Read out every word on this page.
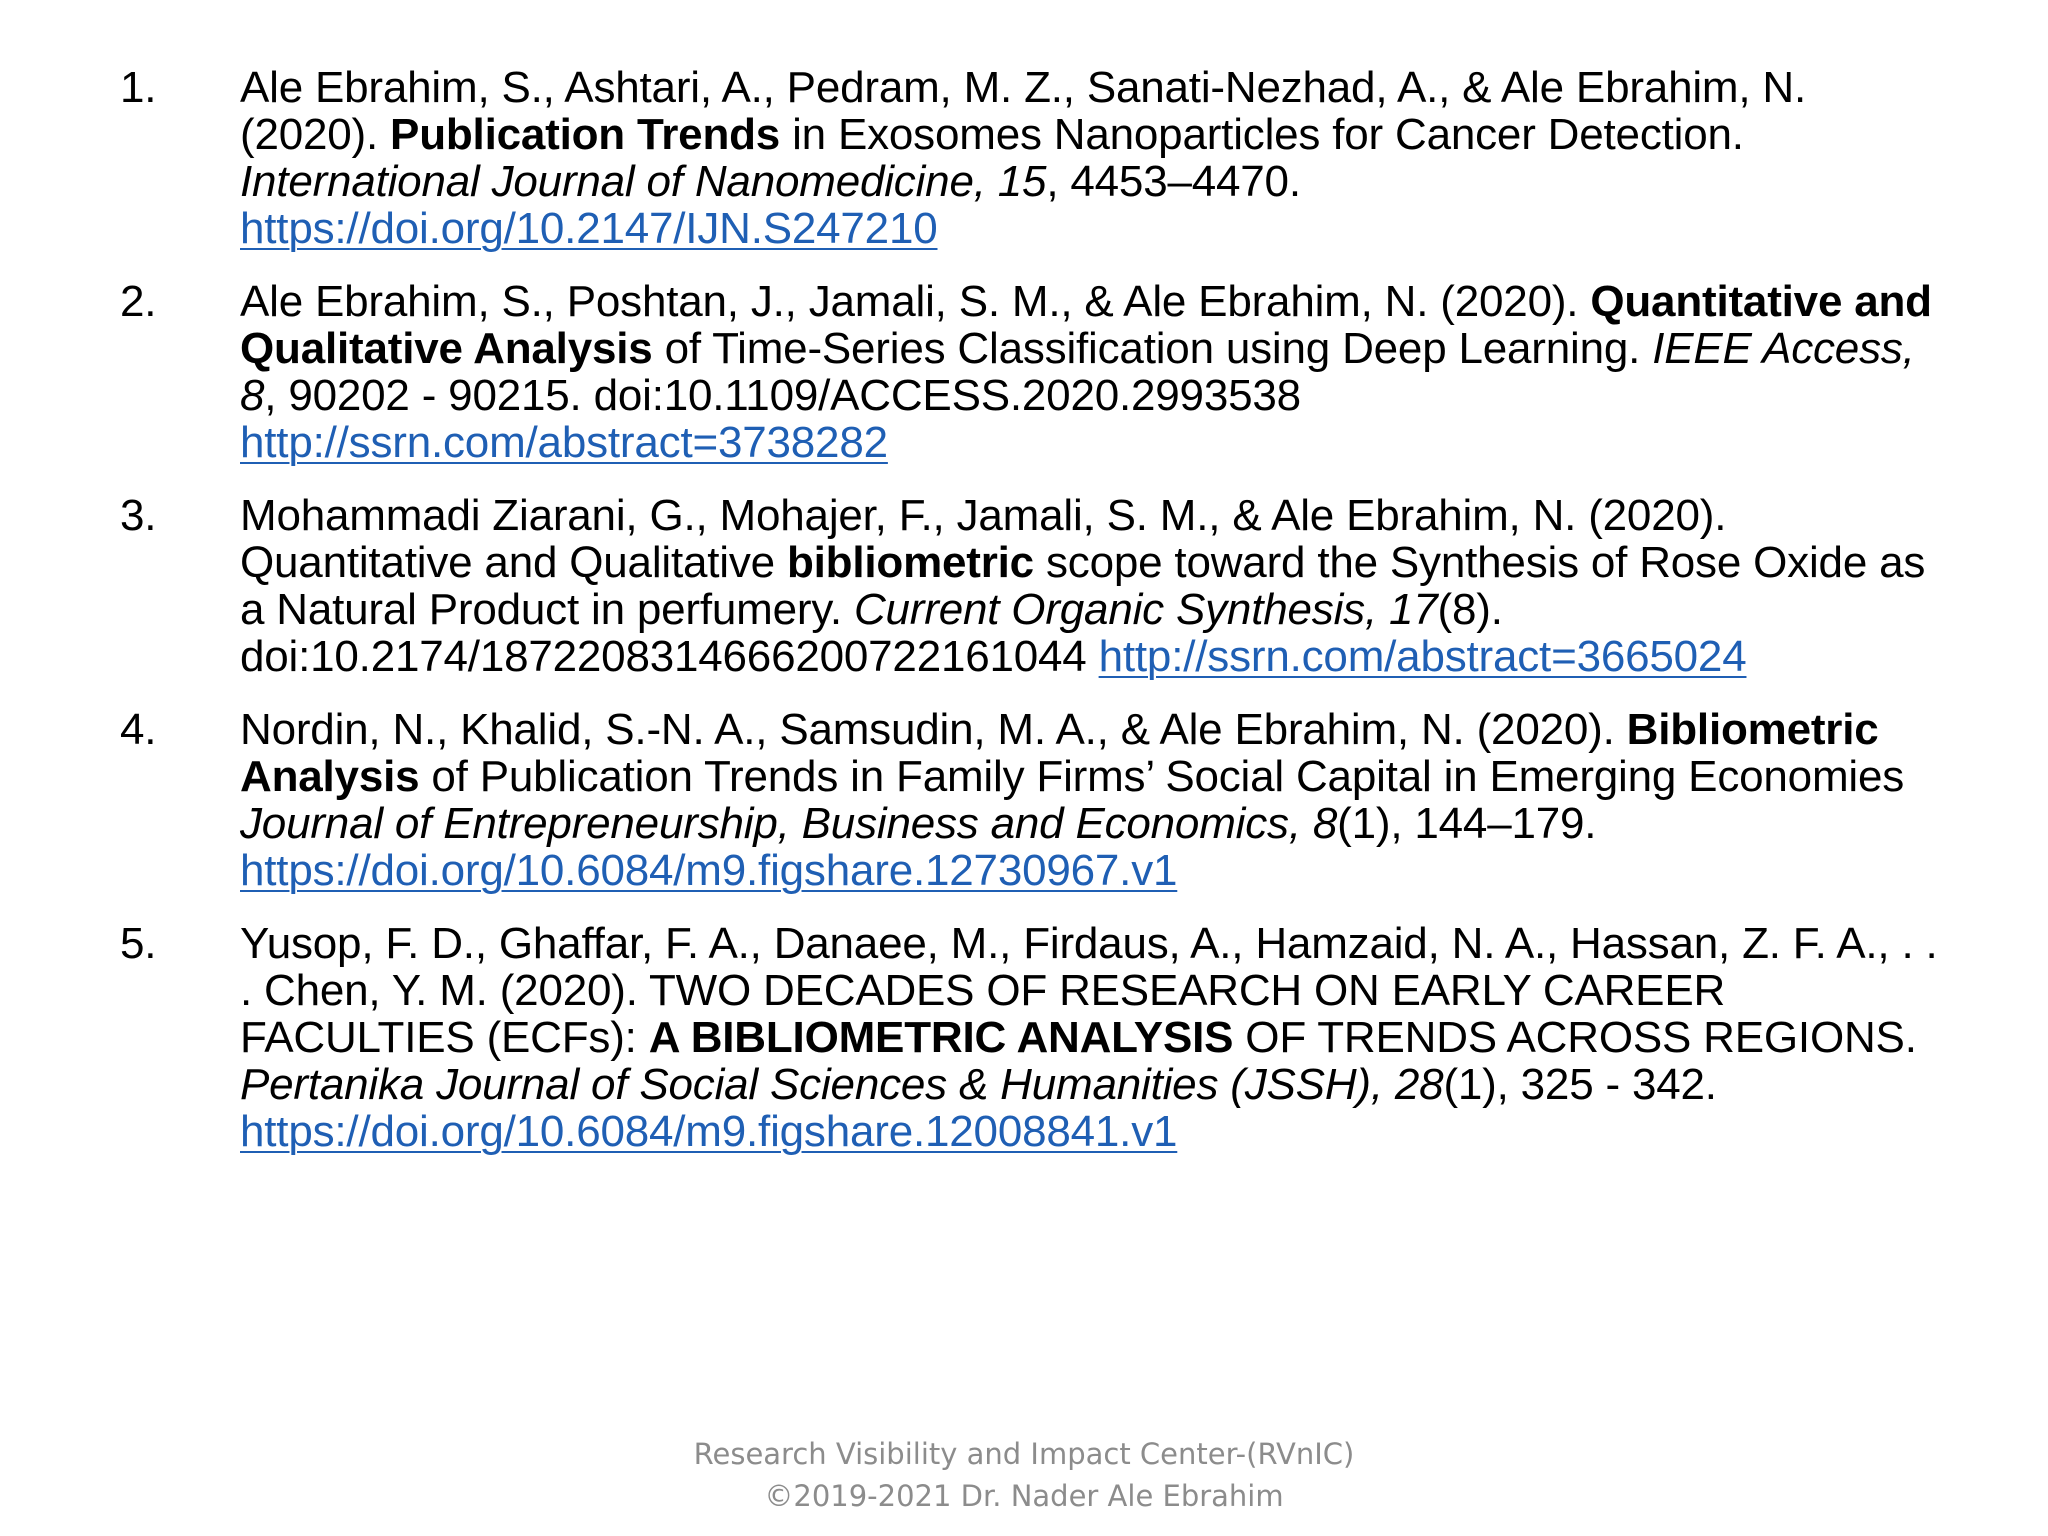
1.	Ale Ebrahim, S., Ashtari, A., Pedram, M. Z., Sanati-Nezhad, A., & Ale Ebrahim, N. (2020). Publication Trends in Exosomes Nanoparticles for Cancer Detection. International Journal of Nanomedicine, 15, 4453–4470. https://doi.org/10.2147/IJN.S247210
2.	Ale Ebrahim, S., Poshtan, J., Jamali, S. M., & Ale Ebrahim, N. (2020). Quantitative and Qualitative Analysis of Time-Series Classification using Deep Learning. IEEE Access, 8, 90202 - 90215. doi:10.1109/ACCESS.2020.2993538 http://ssrn.com/abstract=3738282
3.	Mohammadi Ziarani, G., Mohajer, F., Jamali, S. M., & Ale Ebrahim, N. (2020). Quantitative and Qualitative bibliometric scope toward the Synthesis of Rose Oxide as a Natural Product in perfumery. Current Organic Synthesis, 17(8). doi:10.2174/1872208314666200722161044 http://ssrn.com/abstract=3665024
4.	Nordin, N., Khalid, S.-N. A., Samsudin, M. A., & Ale Ebrahim, N. (2020). Bibliometric Analysis of Publication Trends in Family Firms’ Social Capital in Emerging Economies Journal of Entrepreneurship, Business and Economics, 8(1), 144–179. https://doi.org/10.6084/m9.figshare.12730967.v1
5.	Yusop, F. D., Ghaffar, F. A., Danaee, M., Firdaus, A., Hamzaid, N. A., Hassan, Z. F. A., . . . Chen, Y. M. (2020). TWO DECADES OF RESEARCH ON EARLY CAREER FACULTIES (ECFs): A BIBLIOMETRIC ANALYSIS OF TRENDS ACROSS REGIONS. Pertanika Journal of Social Sciences & Humanities (JSSH), 28(1), 325 - 342. https://doi.org/10.6084/m9.figshare.12008841.v1
Research Visibility and Impact Center-(RVnIC)
©2019-2021 Dr. Nader Ale Ebrahim
